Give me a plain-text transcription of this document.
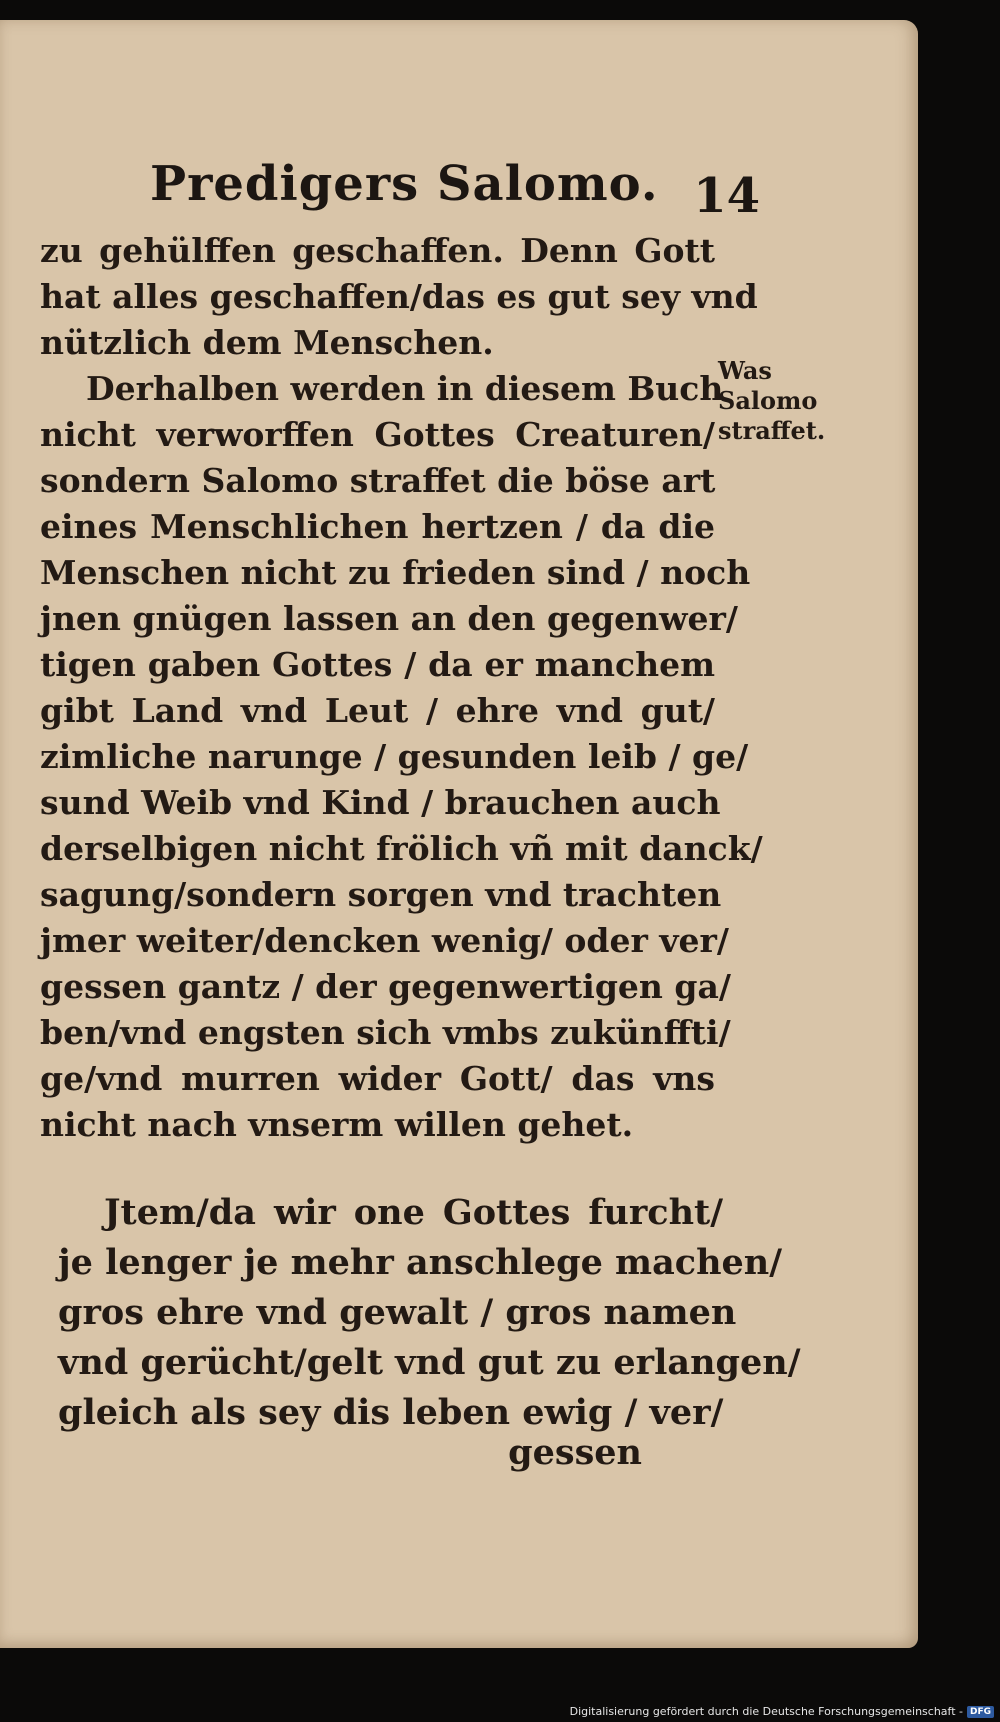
Predigers Salomo. 14
zu gehülffen geschaffen. Denn Gott
hat alles geschaffen/das es gut sey vnd
nützlich dem Menschen.
Derhalben werden in diesem Buch
nicht verworffen Gottes Creaturen/
sondern Salomo straffet die böse art
eines Menschlichen hertzen / da die
Menschen nicht zu frieden sind / noch
jnen gnügen lassen an den gegenwer/
tigen gaben Gottes / da er manchem
gibt Land vnd Leut / ehre vnd gut/
zimliche narunge / gesunden leib / ge/
sund Weib vnd Kind / brauchen auch
derselbigen nicht frölich vñ mit danck/
sagung/sondern sorgen vnd trachten
jmer weiter/dencken wenig/ oder ver/
gessen gantz / der gegenwertigen ga/
ben/vnd engsten sich vmbs zukünffti/
ge/vnd murren wider Gott/ das vns
nicht nach vnserm willen gehet.
Was
Salomo
straffet.
Jtem/da wir one Gottes furcht/
je lenger je mehr anschlege machen/
gros ehre vnd gewalt / gros namen
vnd gerücht/gelt vnd gut zu erlangen/
gleich als sey dis leben ewig / ver/
gessen
Digitalisierung gefördert durch die Deutsche Forschungsgemeinschaft - DFG
